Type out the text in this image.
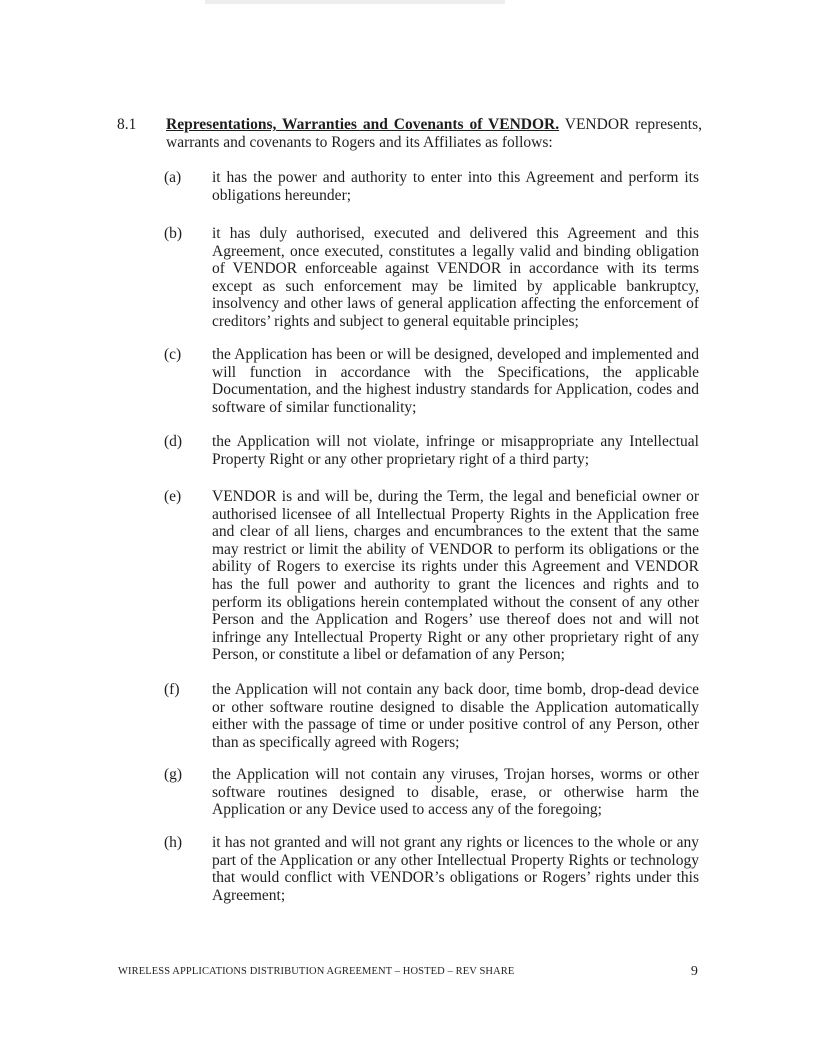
8.1 Representations, Warranties and Covenants of VENDOR. VENDOR represents, warrants and covenants to Rogers and its Affiliates as follows:
(a) it has the power and authority to enter into this Agreement and perform its obligations hereunder;
(b) it has duly authorised, executed and delivered this Agreement and this Agreement, once executed, constitutes a legally valid and binding obligation of VENDOR enforceable against VENDOR in accordance with its terms except as such enforcement may be limited by applicable bankruptcy, insolvency and other laws of general application affecting the enforcement of creditors’ rights and subject to general equitable principles;
(c) the Application has been or will be designed, developed and implemented and will function in accordance with the Specifications, the applicable Documentation, and the highest industry standards for Application, codes and software of similar functionality;
(d) the Application will not violate, infringe or misappropriate any Intellectual Property Right or any other proprietary right of a third party;
(e) VENDOR is and will be, during the Term, the legal and beneficial owner or authorised licensee of all Intellectual Property Rights in the Application free and clear of all liens, charges and encumbrances to the extent that the same may restrict or limit the ability of VENDOR to perform its obligations or the ability of Rogers to exercise its rights under this Agreement and VENDOR has the full power and authority to grant the licences and rights and to perform its obligations herein contemplated without the consent of any other Person and the Application and Rogers’ use thereof does not and will not infringe any Intellectual Property Right or any other proprietary right of any Person, or constitute a libel or defamation of any Person;
(f) the Application will not contain any back door, time bomb, drop-dead device or other software routine designed to disable the Application automatically either with the passage of time or under positive control of any Person, other than as specifically agreed with Rogers;
(g) the Application will not contain any viruses, Trojan horses, worms or other software routines designed to disable, erase, or otherwise harm the Application or any Device used to access any of the foregoing;
(h) it has not granted and will not grant any rights or licences to the whole or any part of the Application or any other Intellectual Property Rights or technology that would conflict with VENDOR’s obligations or Rogers’ rights under this Agreement;
WIRELESS APPLICATIONS DISTRIBUTION AGREEMENT – HOSTED – REV SHARE	9
